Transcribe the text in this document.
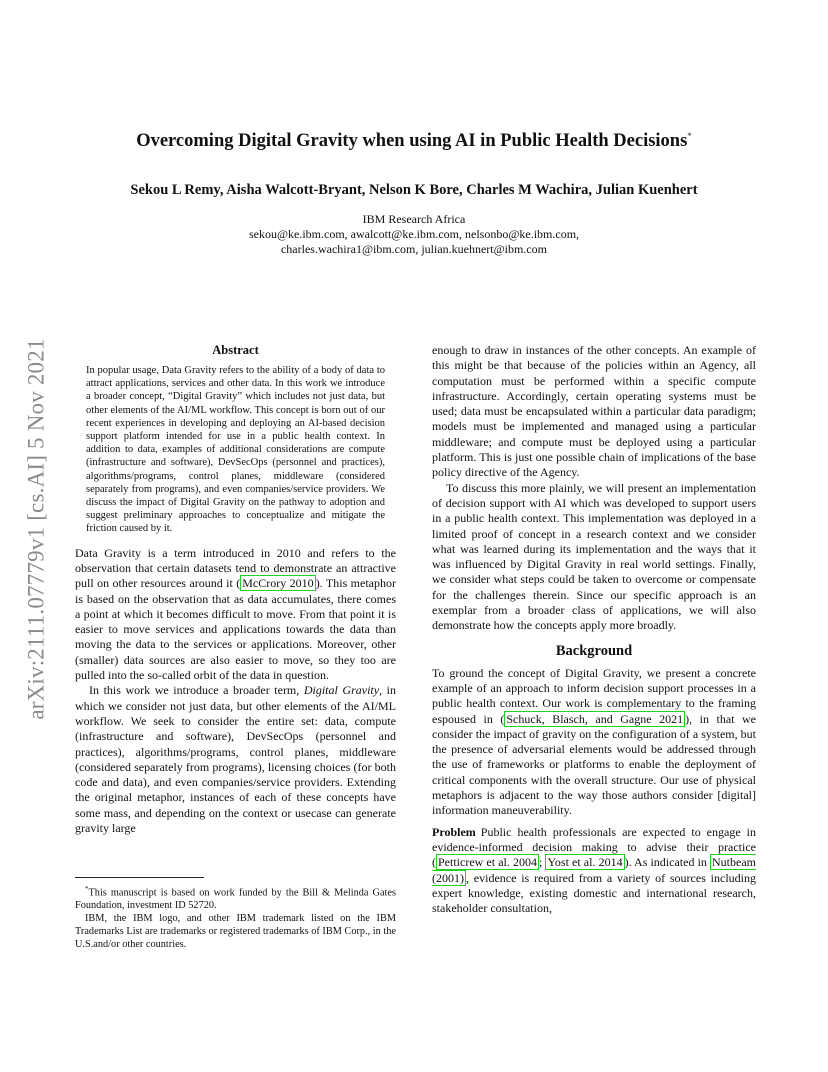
arXiv:2111.07779v1 [cs.AI] 5 Nov 2021
Overcoming Digital Gravity when using AI in Public Health Decisions*
Sekou L Remy, Aisha Walcott-Bryant, Nelson K Bore, Charles M Wachira, Julian Kuenhert
IBM Research Africa
sekou@ke.ibm.com, awalcott@ke.ibm.com, nelsonbo@ke.ibm.com,
charles.wachira1@ibm.com, julian.kuehnert@ibm.com
Abstract
In popular usage, Data Gravity refers to the ability of a body of data to attract applications, services and other data. In this work we introduce a broader concept, “Digital Gravity” which includes not just data, but other elements of the AI/ML workflow. This concept is born out of our recent experiences in developing and deploying an AI-based decision support platform intended for use in a public health context. In addition to data, examples of additional considerations are compute (infrastructure and software), DevSecOps (personnel and practices), algorithms/programs, control planes, middleware (considered separately from programs), and even companies/service providers. We discuss the impact of Digital Gravity on the pathway to adoption and suggest preliminary approaches to conceptualize and mitigate the friction caused by it.

Data Gravity is a term introduced in 2010 and refers to the observation that certain datasets tend to demonstrate an attractive pull on other resources around it ( McCrory 2010 ). This metaphor is based on the observation that as data accumulates, there comes a point at which it becomes difficult to move. From that point it is easier to move services and applications towards the data than moving the data to the services or applications. Moreover, other (smaller) data sources are also easier to move, so they too are pulled into the so-called orbit of the data in question.

In this work we introduce a broader term, Digital Gravity, in which we consider not just data, but other elements of the AI/ML workflow. We seek to consider the entire set: data, compute (infrastructure and software), DevSecOps (personnel and practices), algorithms/programs, control planes, middleware (considered separately from programs), licensing choices (for both code and data), and even companies/service providers. Extending the original metaphor, instances of each of these concepts have some mass, and depending on the context or usecase can generate gravity large

*This manuscript is based on work funded by the Bill & Melinda Gates Foundation, investment ID 52720.

IBM, the IBM logo, and other IBM trademark listed on the IBM Trademarks List are trademarks or registered trademarks of IBM Corp., in the U.S.and/or other countries.

enough to draw in instances of the other concepts. An example of this might be that because of the policies within an Agency, all computation must be performed within a specific compute infrastructure. Accordingly, certain operating systems must be used; data must be encapsulated within a particular data paradigm; models must be implemented and managed using a particular middleware; and compute must be deployed using a particular platform. This is just one possible chain of implications of the base policy directive of the Agency.

To discuss this more plainly, we will present an implementation of decision support with AI which was developed to support users in a public health context. This implementation was deployed in a limited proof of concept in a research context and we consider what was learned during its implementation and the ways that it was influenced by Digital Gravity in real world settings. Finally, we consider what steps could be taken to overcome or compensate for the challenges therein. Since our specific approach is an exemplar from a broader class of applications, we will also demonstrate how the concepts apply more broadly.

Background

To ground the concept of Digital Gravity, we present a concrete example of an approach to inform decision support processes in a public health context. Our work is complementary to the framing espoused in ( Schuck, Blasch, and Gagne 2021 ), in that we consider the impact of gravity on the configuration of a system, but the presence of adversarial elements would be addressed through the use of frameworks or platforms to enable the deployment of critical components with the overall structure. Our use of physical metaphors is adjacent to the way those authors consider [digital] information maneuverability.

Problem Public health professionals are expected to engage in evidence-informed decision making to advise their practice ( Petticrew et al. 2004 ; Yost et al. 2014 ). As indicated in Nutbeam (2001) , evidence is required from a variety of sources including expert knowledge, existing domestic and international research, stakeholder consultation,
